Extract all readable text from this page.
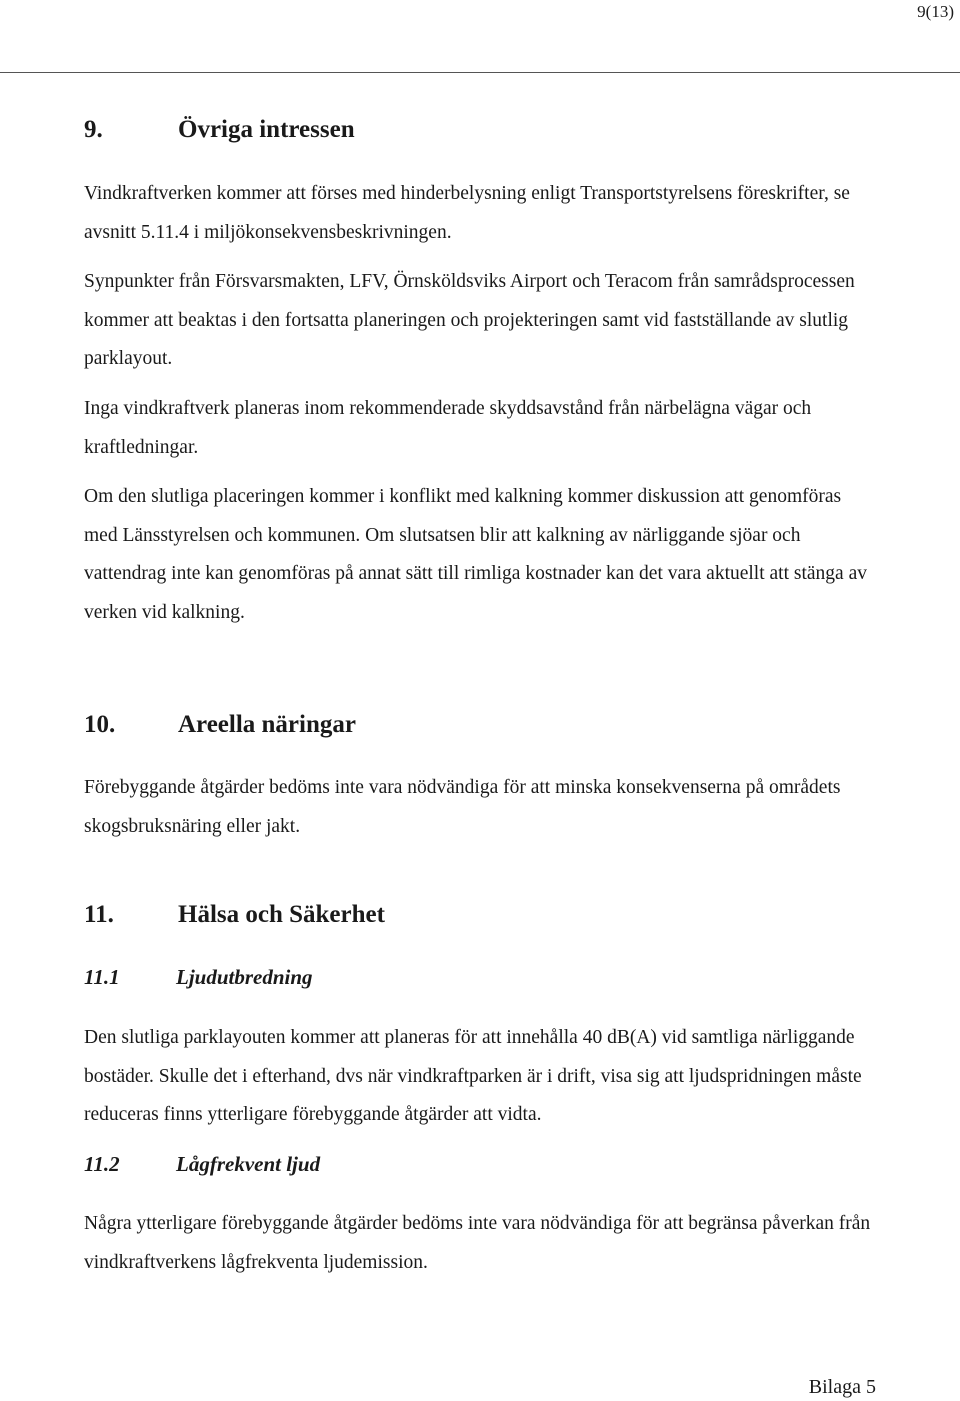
9(13)
9.	Övriga intressen

Vindkraftverken kommer att förses med hinderbelysning enligt Transportstyrelsens föreskrifter, se avsnitt 5.11.4 i miljökonsekvensbeskrivningen.

Synpunkter från Försvarsmakten, LFV, Örnsköldsviks Airport och Teracom från samrådsprocessen kommer att beaktas i den fortsatta planeringen och projekteringen samt vid fastställande av slutlig parklayout.

Inga vindkraftverk planeras inom rekommenderade skyddsavstånd från närbelägna vägar och kraftledningar.

Om den slutliga placeringen kommer i konflikt med kalkning kommer diskussion att genomföras med Länsstyrelsen och kommunen. Om slutsatsen blir att kalkning av närliggande sjöar och vattendrag inte kan genomföras på annat sätt till rimliga kostnader kan det vara aktuellt att stänga av verken vid kalkning.

10.	Areella näringar

Förebyggande åtgärder bedöms inte vara nödvändiga för att minska konsekvenserna på områdets skogsbruksnäring eller jakt.

11.	Hälsa och Säkerhet
11.1	Ljudutbredning

Den slutliga parklayouten kommer att planeras för att innehålla 40 dB(A) vid samtliga närliggande bostäder. Skulle det i efterhand, dvs när vindkraftparken är i drift, visa sig att ljudspridningen måste reduceras finns ytterligare förebyggande åtgärder att vidta.

11.2	Lågfrekvent ljud

Några ytterligare förebyggande åtgärder bedöms inte vara nödvändiga för att begränsa påverkan från vindkraftverkens lågfrekventa ljudemission.

Bilaga 5
